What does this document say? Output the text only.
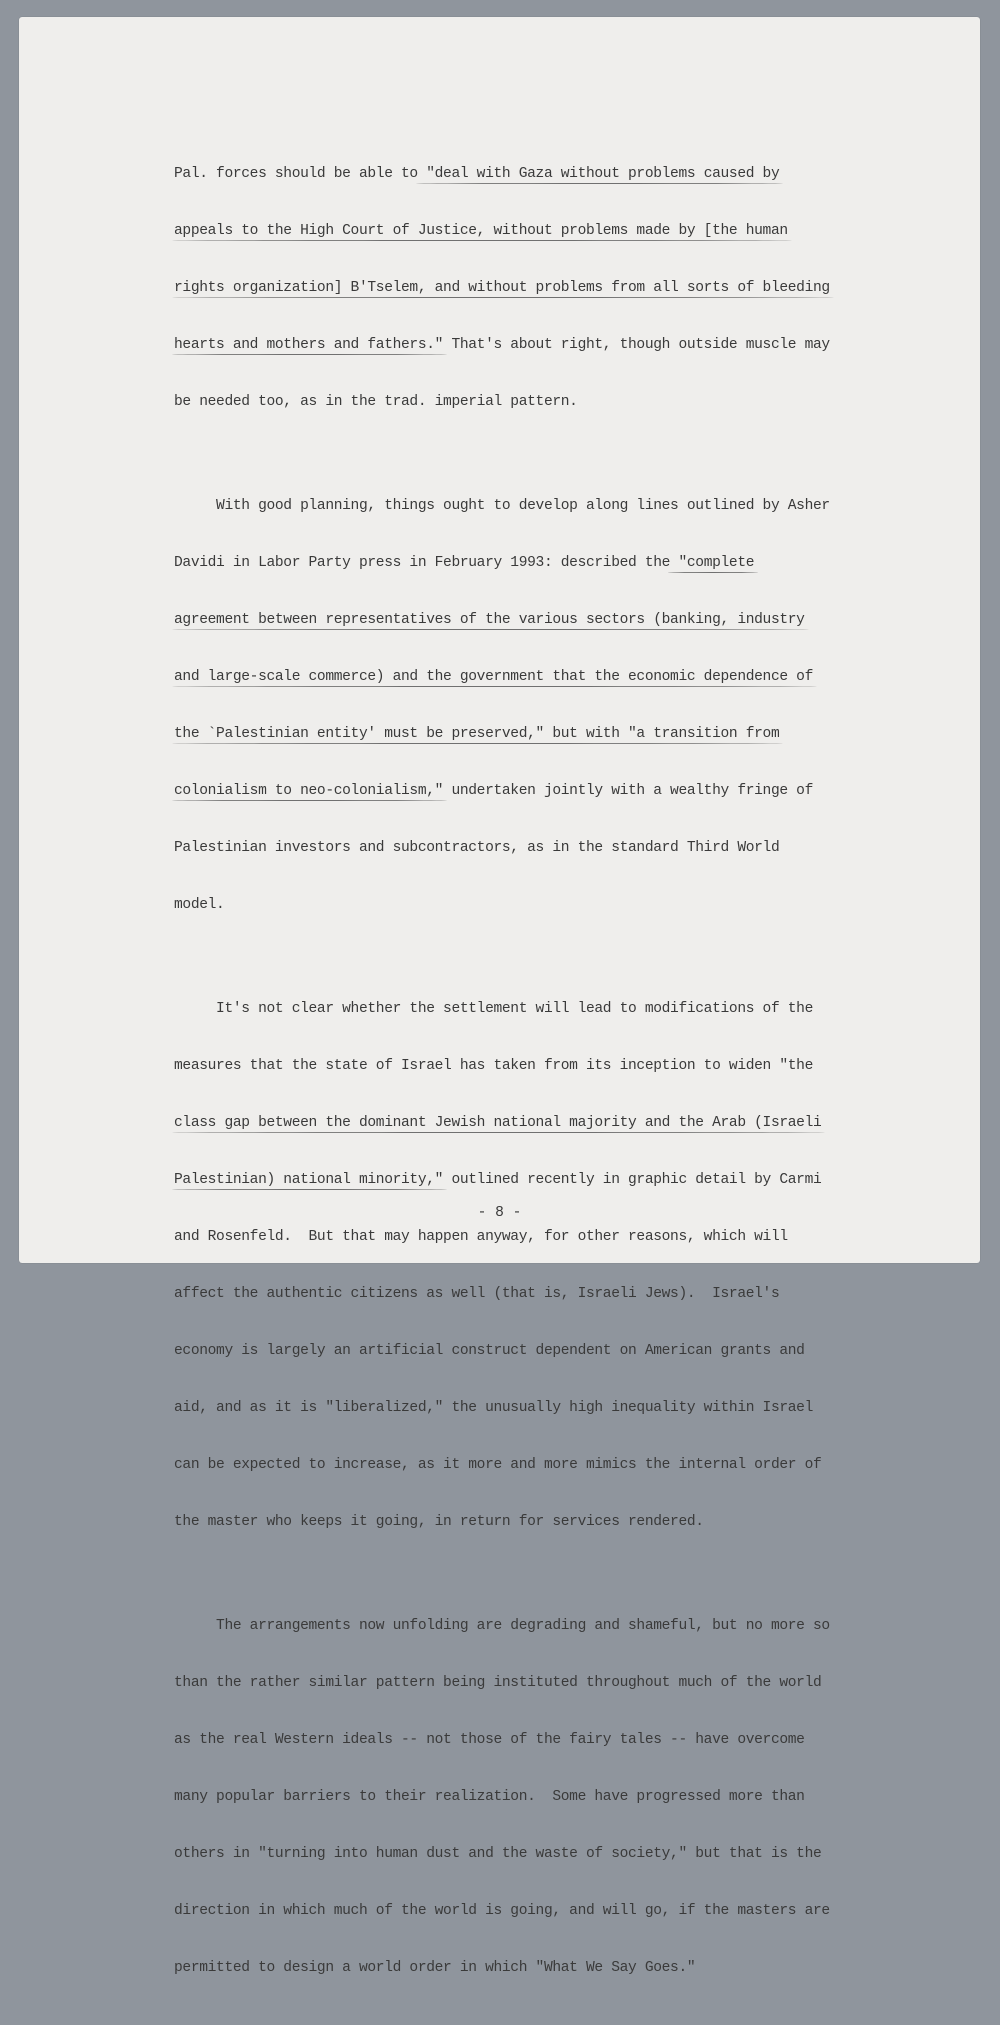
Pal. forces should be able to "deal with Gaza without problems caused by

appeals to the High Court of Justice, without problems made by [the human

rights organization] B'Tselem, and without problems from all sorts of bleeding

hearts and mothers and fathers." That's about right, though outside muscle may

be needed too, as in the trad. imperial pattern.

With good planning, things ought to develop along lines outlined by Asher

Davidi in Labor Party press in February 1993: described the "complete

agreement between representatives of the various sectors (banking, industry

and large-scale commerce) and the government that the economic dependence of

the `Palestinian entity' must be preserved," but with "a transition from

colonialism to neo-colonialism," undertaken jointly with a wealthy fringe of

Palestinian investors and subcontractors, as in the standard Third World

model.

It's not clear whether the settlement will lead to modifications of the

measures that the state of Israel has taken from its inception to widen "the

class gap between the dominant Jewish national majority and the Arab (Israeli

Palestinian) national minority," outlined recently in graphic detail by Carmi

and Rosenfeld.  But that may happen anyway, for other reasons, which will

affect the authentic citizens as well (that is, Israeli Jews).  Israel's

economy is largely an artificial construct dependent on American grants and

aid, and as it is "liberalized," the unusually high inequality within Israel

can be expected to increase, as it more and more mimics the internal order of

the master who keeps it going, in return for services rendered.

The arrangements now unfolding are degrading and shameful, but no more so

than the rather similar pattern being instituted throughout much of the world

as the real Western ideals -- not those of the fairy tales -- have overcome

many popular barriers to their realization.  Some have progressed more than

others in "turning into human dust and the waste of society," but that is the

direction in which much of the world is going, and will go, if the masters are

permitted to design a world order in which "What We Say Goes."

- 8 -
